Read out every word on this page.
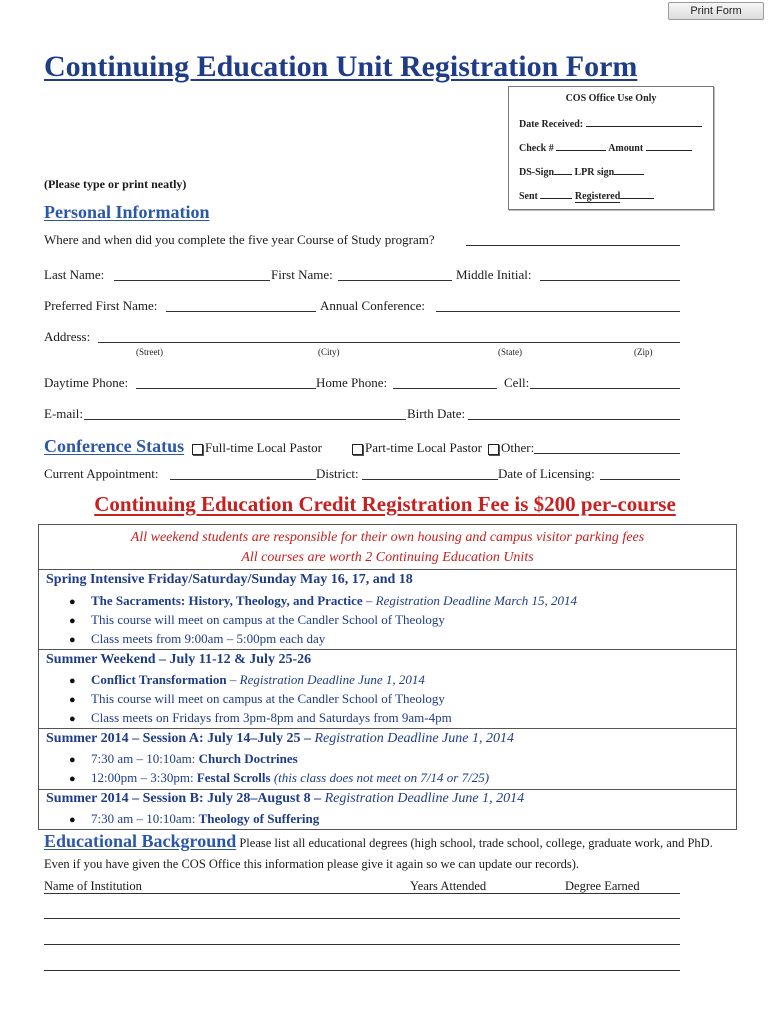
Print Form
Continuing Education Unit Registration Form
COS Office Use Only
Date Received:
Check #	Amount
DS-Sign LPR sign
Sent	Registered
(Please type or print neatly)
Personal Information
Where and when did you complete the five year Course of Study program?
Last Name:	First Name:	Middle Initial:
Preferred First Name:	Annual Conference:
Address:
(Street)	(City)	(State)	(Zip)
Daytime Phone:	Home Phone:	Cell:
E-mail:	Birth Date:
Conference Status	Full-time Local Pastor	Part-time Local Pastor	Other:
Current Appointment:	District:	Date of Licensing:
Continuing Education Credit Registration Fee is $200 per-course
All weekend students are responsible for their own housing and campus visitor parking fees
All courses are worth 2 Continuing Education Units
Spring Intensive Friday/Saturday/Sunday May 16, 17, and 18
● The Sacraments: History, Theology, and Practice – Registration Deadline March 15, 2014
● This course will meet on campus at the Candler School of Theology
● Class meets from 9:00am – 5:00pm each day
Summer Weekend – July 11-12 & July 25-26
● Conflict Transformation – Registration Deadline June 1, 2014
● This course will meet on campus at the Candler School of Theology
● Class meets on Fridays from 3pm-8pm and Saturdays from 9am-4pm
Summer 2014 – Session A: July 14–July 25 – Registration Deadline June 1, 2014
● 7:30 am – 10:10am: Church Doctrines
● 12:00pm – 3:30pm: Festal Scrolls (this class does not meet on 7/14 or 7/25)
Summer 2014 – Session B: July 28–August 8 – Registration Deadline June 1, 2014
● 7:30 am – 10:10am: Theology of Suffering
Educational Background Please list all educational degrees (high school, trade school, college, graduate work, and PhD. Even if you have given the COS Office this information please give it again so we can update our records).
Name of Institution	Years Attended	Degree Earned
